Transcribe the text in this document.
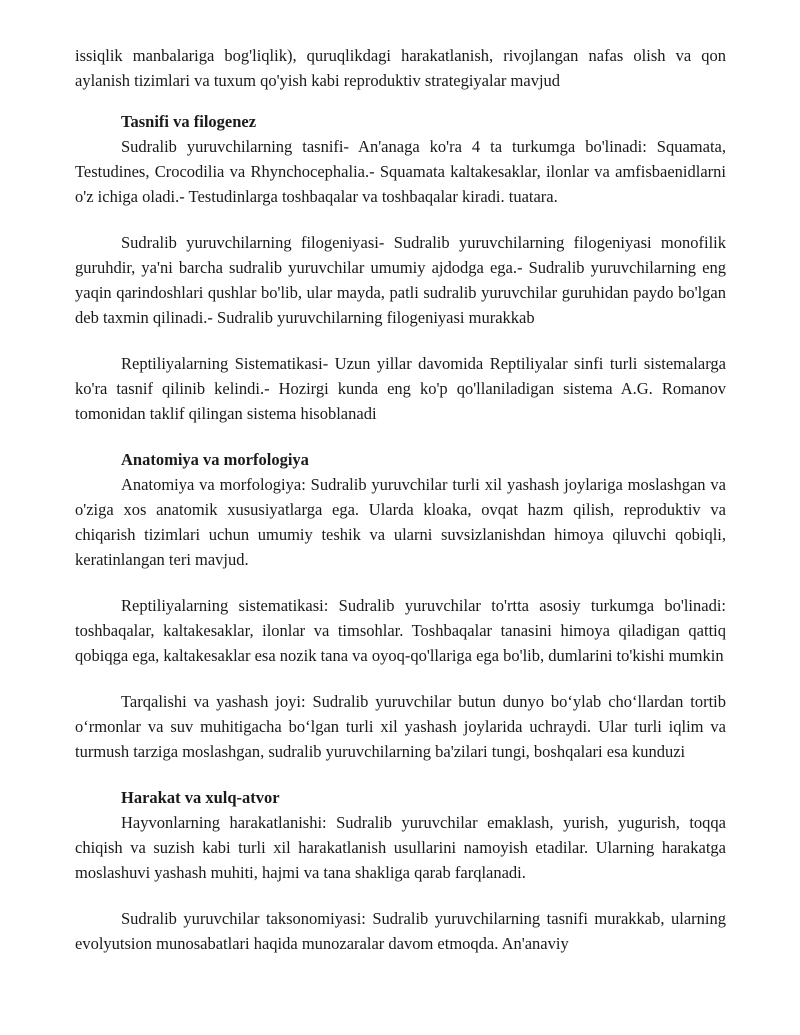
issiqlik manbalariga bog'liqlik), quruqlikdagi harakatlanish, rivojlangan nafas olish va qon aylanish tizimlari va tuxum qo'yish kabi reproduktiv strategiyalar mavjud

Tasnifi va filogenez

Sudralib yuruvchilarning tasnifi- An'anaga ko'ra 4 ta turkumga bo'linadi: Squamata, Testudines, Crocodilia va Rhynchocephalia.- Squamata kaltakesaklar, ilonlar va amfisbaenidlarni o'z ichiga oladi.- Testudinlarga toshbaqalar va toshbaqalar kiradi. tuatara.

Sudralib yuruvchilarning filogeniyasi- Sudralib yuruvchilarning filogeniyasi monofilik guruhdir, ya'ni barcha sudralib yuruvchilar umumiy ajdodga ega.- Sudralib yuruvchilarning eng yaqin qarindoshlari qushlar bo'lib, ular mayda, patli sudralib yuruvchilar guruhidan paydo bo'lgan deb taxmin qilinadi.- Sudralib yuruvchilarning filogeniyasi murakkab

Reptiliyalarning Sistematikasi- Uzun yillar davomida Reptiliyalar sinfi turli sistemalarga ko'ra tasnif qilinib kelindi.- Hozirgi kunda eng ko'p qo'llaniladigan sistema A.G. Romanov tomonidan taklif qilingan sistema hisoblanadi

Anatomiya va morfologiya

Anatomiya va morfologiya: Sudralib yuruvchilar turli xil yashash joylariga moslashgan va o'ziga xos anatomik xususiyatlarga ega. Ularda kloaka, ovqat hazm qilish, reproduktiv va chiqarish tizimlari uchun umumiy teshik va ularni suvsizlanishdan himoya qiluvchi qobiqli, keratinlangan teri mavjud.

Reptiliyalarning sistematikasi: Sudralib yuruvchilar to'rtta asosiy turkumga bo'linadi: toshbaqalar, kaltakesaklar, ilonlar va timsohlar. Toshbaqalar tanasini himoya qiladigan qattiq qobiqga ega, kaltakesaklar esa nozik tana va oyoq-qo'llariga ega bo'lib, dumlarini to'kishi mumkin

Tarqalishi va yashash joyi: Sudralib yuruvchilar butun dunyo bo‘ylab cho‘llardan tortib o‘rmonlar va suv muhitigacha bo‘lgan turli xil yashash joylarida uchraydi. Ular turli iqlim va turmush tarziga moslashgan, sudralib yuruvchilarning ba'zilari tungi, boshqalari esa kunduzi

Harakat va xulq-atvor

Hayvonlarning harakatlanishi: Sudralib yuruvchilar emaklash, yurish, yugurish, toqqa chiqish va suzish kabi turli xil harakatlanish usullarini namoyish etadilar. Ularning harakatga moslashuvi yashash muhiti, hajmi va tana shakliga qarab farqlanadi.

Sudralib yuruvchilar taksonomiyasi: Sudralib yuruvchilarning tasnifi murakkab, ularning evolyutsion munosabatlari haqida munozaralar davom etmoqda. An'anaviy
